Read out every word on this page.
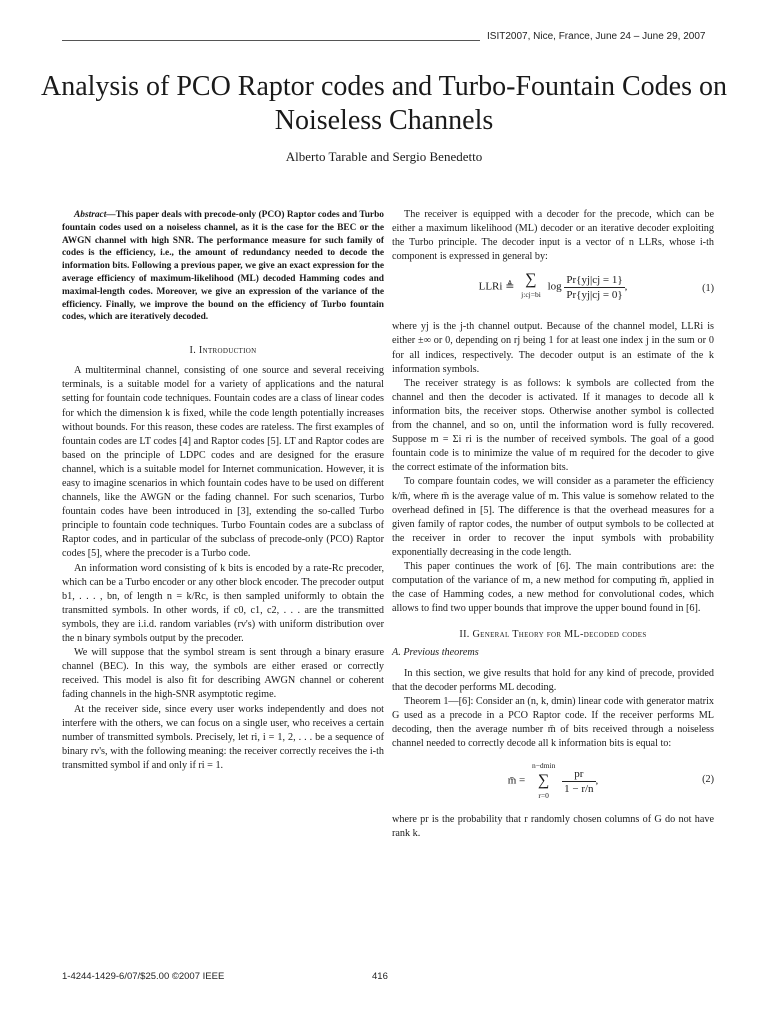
ISIT2007, Nice, France, June 24 – June 29, 2007
Analysis of PCO Raptor codes and Turbo-Fountain Codes on Noiseless Channels
Alberto Tarable and Sergio Benedetto

Abstract—This paper deals with precode-only (PCO) Raptor codes and Turbo fountain codes used on a noiseless channel, as it is the case for the BEC or the AWGN channel with high SNR. The performance measure for such family of codes is the efficiency, i.e., the amount of redundancy needed to decode the information bits. Following a previous paper, we give an exact expression for the average efficiency of maximum-likelihood (ML) decoded Hamming codes and maximal-length codes. Moreover, we give an expression of the variance of the efficiency. Finally, we improve the bound on the efficiency of Turbo fountain codes, which are iteratively decoded.

I. Introduction

A multiterminal channel, consisting of one source and several receiving terminals, is a suitable model for a variety of applications and the natural setting for fountain code techniques. Fountain codes are a class of linear codes for which the dimension k is fixed, while the code length potentially increases without bounds. For this reason, these codes are rateless. The first examples of fountain codes are LT codes [4] and Raptor codes [5]. LT and Raptor codes are based on the principle of LDPC codes and are designed for the erasure channel, which is a suitable model for Internet communication. However, it is easy to imagine scenarios in which fountain codes have to be used on different channels, like the AWGN or the fading channel. For such scenarios, Turbo fountain codes have been introduced in [3], extending the so-called Turbo principle to fountain code techniques. Turbo Fountain codes are a subclass of Raptor codes, and in particular of the subclass of precode-only (PCO) Raptor codes [5], where the precoder is a Turbo code.

An information word consisting of k bits is encoded by a rate-Rc precoder, which can be a Turbo encoder or any other block encoder. The precoder output b1, . . . , bn, of length n = k/Rc, is then sampled uniformly to obtain the transmitted symbols. In other words, if c0, c1, c2, . . . are the transmitted symbols, they are i.i.d. random variables (rv's) with uniform distribution over the n binary symbols output by the precoder.

We will suppose that the symbol stream is sent through a binary erasure channel (BEC). In this way, the symbols are either erased or correctly received. This model is also fit for describing AWGN channel or coherent fading channels in the high-SNR asymptotic regime.

At the receiver side, since every user works independently and does not interfere with the others, we can focus on a single user, who receives a certain number of transmitted symbols. Precisely, let ri, i = 1, 2, . . . be a sequence of binary rv's, with the following meaning: the receiver correctly receives the i-th transmitted symbol if and only if ri = 1.

The receiver is equipped with a decoder for the precode, which can be either a maximum likelihood (ML) decoder or an iterative decoder exploiting the Turbo principle. The decoder input is a vector of n LLRs, whose i-th component is expressed in general by:

LLRi ≜ ∑
j:cj=bi
$\log \frac{Pr\{yj|cj = 1\}}{Pr\{yj|cj = 0\}}$ ,	(1)

where yj is the j-th channel output. Because of the channel model, LLRi is either ±∞ or 0, depending on rj being 1 for at least one index j in the sum or 0 for all indices, respectively. The decoder output is an estimate of the k information symbols.

The receiver strategy is as follows: k symbols are collected from the channel and then the decoder is activated. If it manages to decode all k information bits, the receiver stops. Otherwise another symbol is collected from the channel, and so on, until the information word is fully recovered. Suppose m = Σi ri is the number of received symbols. The goal of a good fountain code is to minimize the value of m required for the decoder to give the correct estimate of the information bits.

To compare fountain codes, we will consider as a parameter the efficiency k/m̄, where m̄ is the average value of m. This value is somehow related to the overhead defined in [5]. The difference is that the overhead measures for a given family of raptor codes, the number of output symbols to be collected at the receiver in order to recover the input symbols with probability exponentially decreasing in the code length.

This paper continues the work of [6]. The main contributions are: the computation of the variance of m, a new method for computing m̄, applied in the case of Hamming codes, a new method for convolutional codes, which allows to find two upper bounds that improve the upper bound found in [6].

II. General Theory for ML-decoded codes

A. Previous theorems

In this section, we give results that hold for any kind of precode, provided that the decoder performs ML decoding.

Theorem 1—[6]: Consider an (n, k, dmin) linear code with generator matrix G used as a precode in a PCO Raptor code. If the receiver performs ML decoding, then the average number m̄ of bits received through a noiseless channel needed to correctly decode all k information bits is equal to:

m̄ =
n−dmin
∑
r=0
	$\frac{pr}{1 - r/n}$ ,	(2)

where pr is the probability that r randomly chosen columns of G do not have rank k.

1-4244-1429-6/07/$25.00 ©2007 IEEE	416
